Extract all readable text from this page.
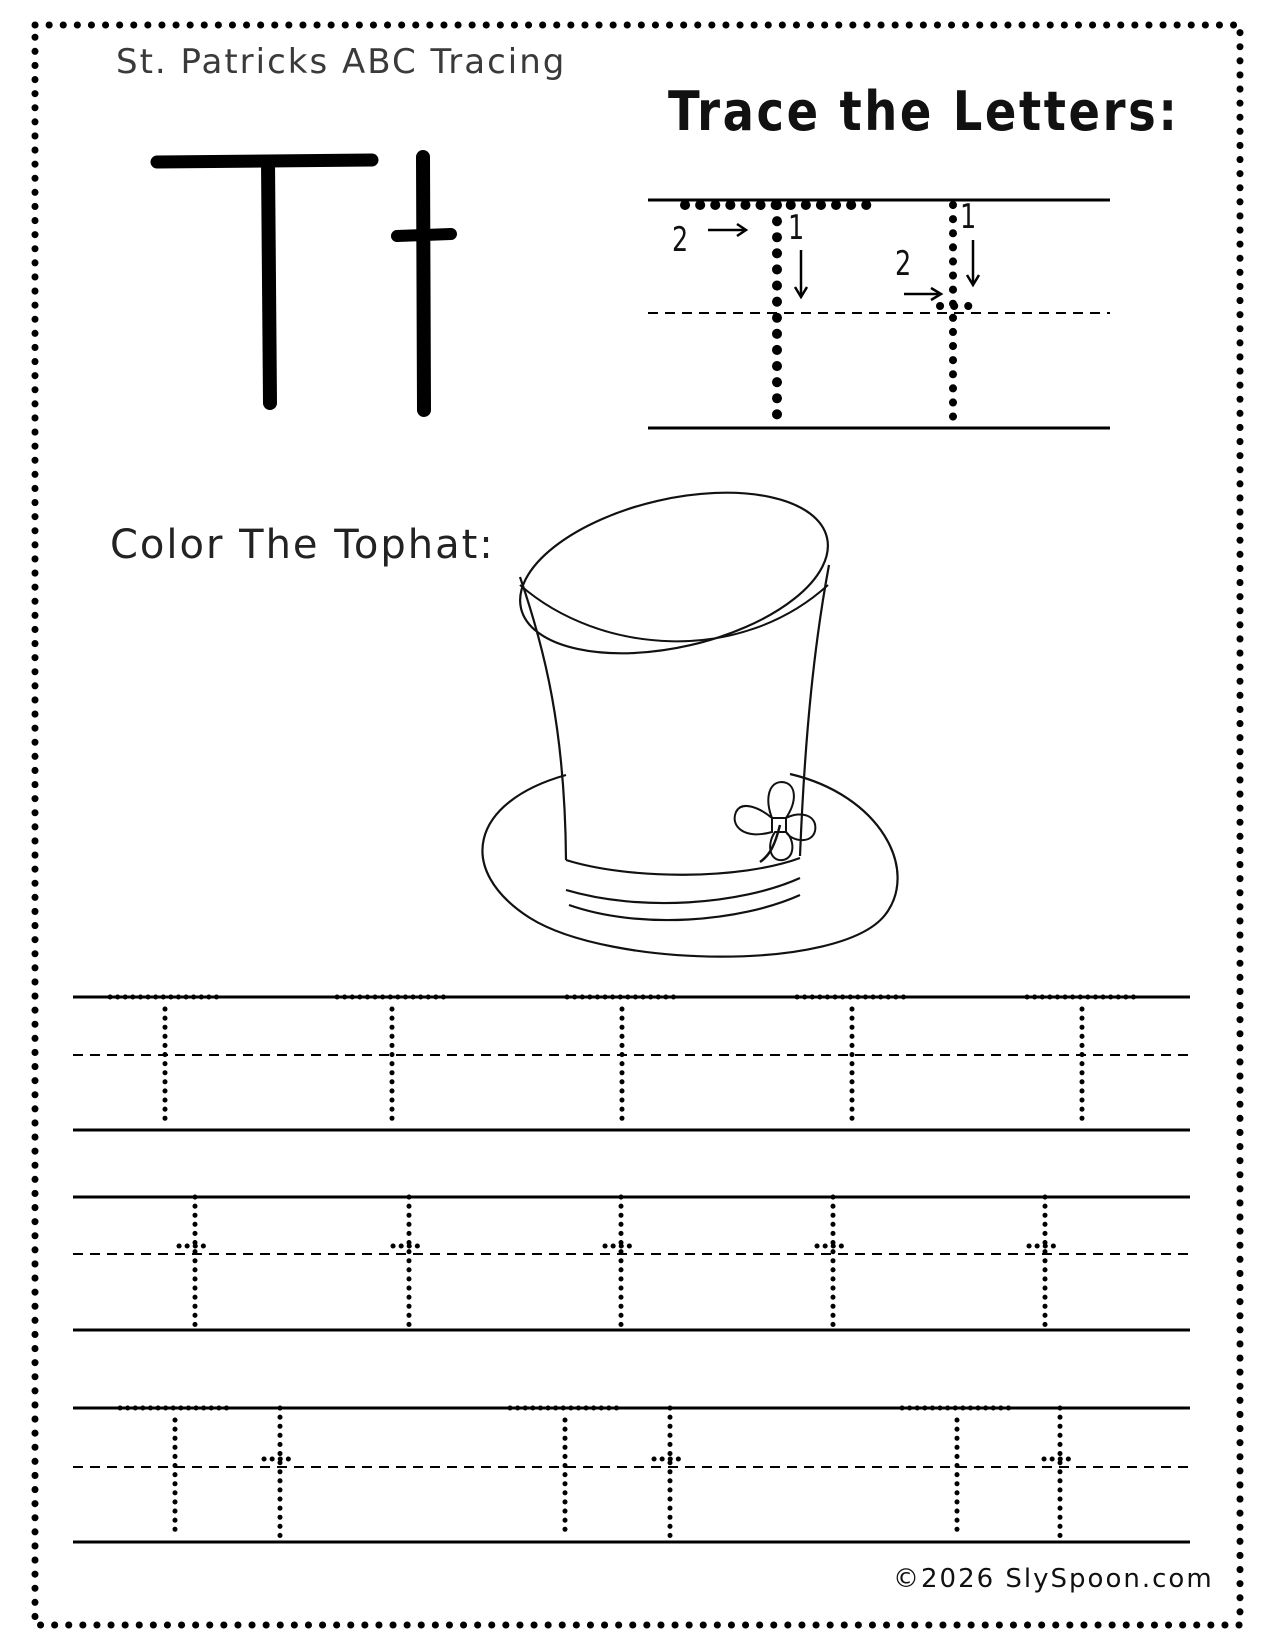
St. Patricks ABC Tracing
Trace the Letters:
Color The Tophat:
©2026 SlySpoon.com
2	1
2
1
